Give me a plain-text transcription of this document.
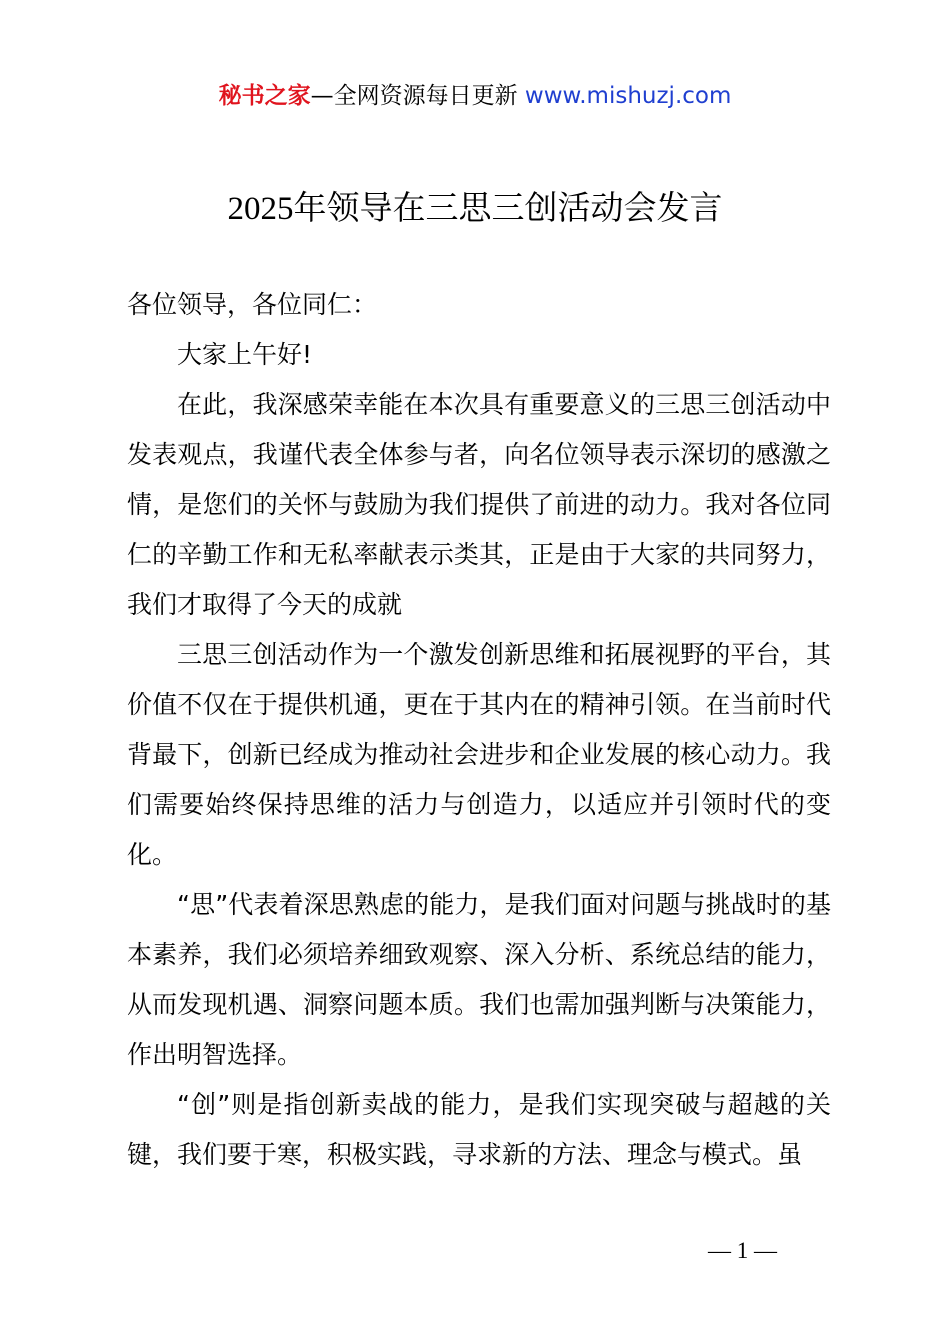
秘书之家—全网资源每日更新 www.mishuzj.com
2025年领导在三思三创活动会发言

各位领导，各位同仁：

大家上午好!

在此，我深感荣幸能在本次具有重要意义的三思三创活动中发表观点，我谨代表全体参与者，向名位领导表示深切的感激之情，是您们的关怀与鼓励为我们提供了前进的动力。我对各位同仁的辛勤工作和无私率献表示类其，正是由于大家的共同努力，我们才取得了今天的成就

三思三创活动作为一个激发创新思维和拓展视野的平台，其价值不仅在于提供机通，更在于其内在的精神引领。在当前时代背最下，创新已经成为推动社会进步和企业发展的核心动力。我们需要始终保持思维的活力与创造力，以适应并引领时代的变化。

“思”代表着深思熟虑的能力，是我们面对问题与挑战时的基本素养，我们必须培养细致观察、深入分析、系统总结的能力，从而发现机遇、洞察问题本质。我们也需加强判断与决策能力，作出明智选择。

“创”则是指创新卖战的能力，是我们实现突破与超越的关键，我们要于寒，积极实践，寻求新的方法、理念与模式。虽

— 1 —
